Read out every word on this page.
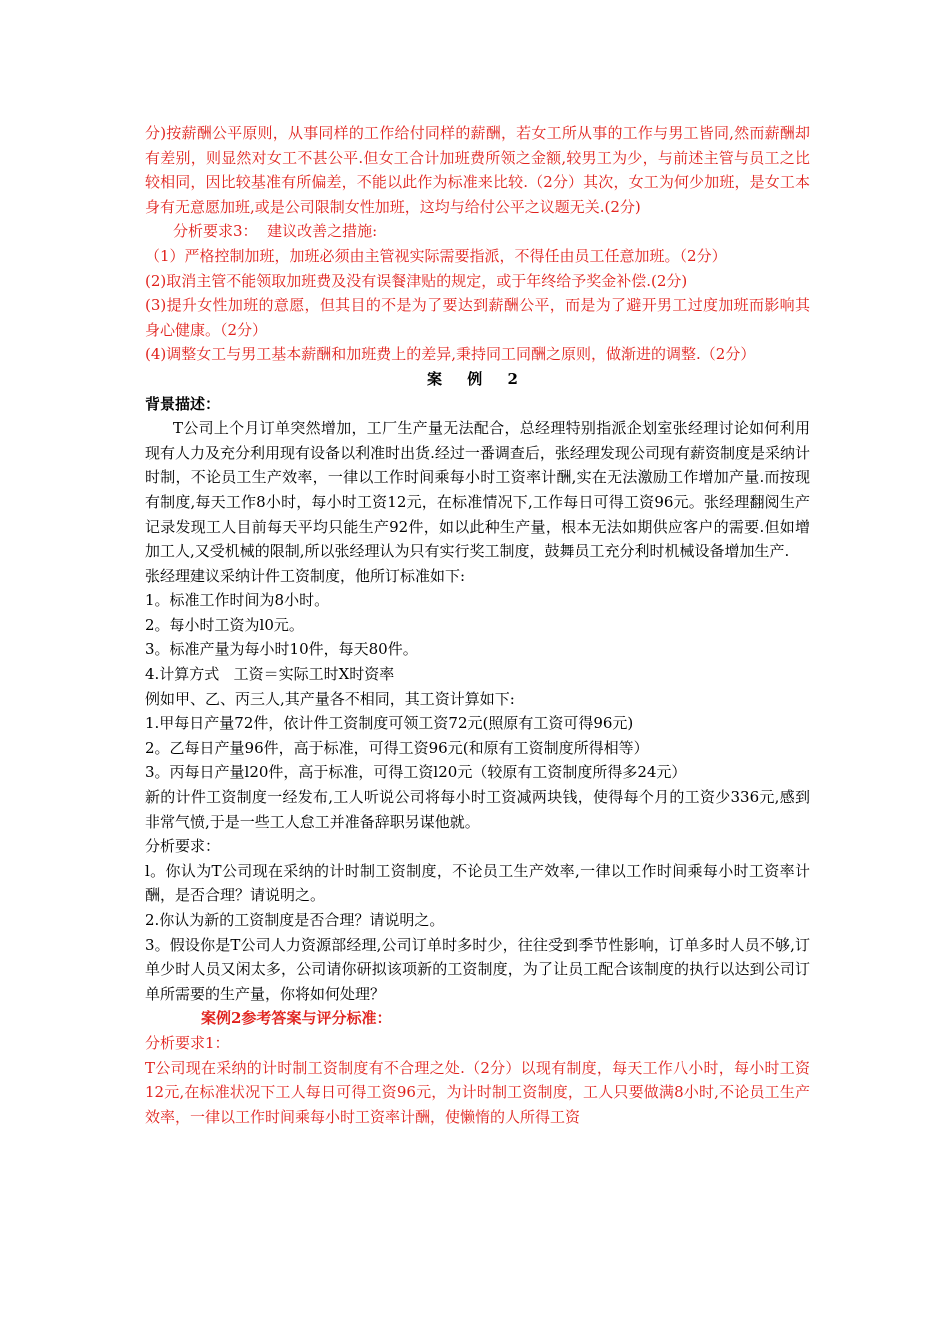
分)按薪酬公平原则，从事同样的工作给付同样的薪酬，若女工所从事的工作与男工皆同,然而薪酬却有差别，则显然对女工不甚公平.但女工合计加班费所领之金额,较男工为少，与前述主管与员工之比较相同，因比较基准有所偏差，不能以此作为标准来比较.（2分）其次，女工为何少加班，是女工本身有无意愿加班,或是公司限制女性加班，这均与给付公平之议题无关.(2分)

分析要求3：  建议改善之措施:

（1）严格控制加班，加班必须由主管视实际需要指派，不得任由员工任意加班。（2分）

(2)取消主管不能领取加班费及没有误餐津贴的规定，或于年终给予奖金补偿.(2分)

(3)提升女性加班的意愿，但其目的不是为了要达到薪酬公平，而是为了避开男工过度加班而影响其身心健康。（2分）

(4)调整女工与男工基本薪酬和加班费上的差异,秉持同工同酬之原则，做渐进的调整.（2分）

案 例 2

背景描述：

T公司上个月订单突然增加，工厂生产量无法配合，总经理特别指派企划室张经理讨论如何利用现有人力及充分利用现有设备以利准时出货.经过一番调查后，张经理发现公司现有薪资制度是采纳计时制，不论员工生产效率，一律以工作时间乘每小时工资率计酬,实在无法激励工作增加产量.而按现有制度,每天工作8小时，每小时工资12元，在标准情况下,工作每日可得工资96元。张经理翻阅生产记录发现工人目前每天平均只能生产92件，如以此种生产量，根本无法如期供应客户的需要.但如增加工人,又受机械的限制,所以张经理认为只有实行奖工制度，鼓舞员工充分利时机械设备增加生产.

张经理建议采纳计件工资制度，他所订标准如下:

1。标准工作时间为8小时。

2。每小时工资为l0元。

3。标准产量为每小时10件，每天80件。

4.计算方式   工资＝实际工时X时资率

例如甲、乙、丙三人,其产量各不相同，其工资计算如下:

1.甲每日产量72件，依计件工资制度可领工资72元(照原有工资可得96元)

2。乙每日产量96件，高于标准，可得工资96元(和原有工资制度所得相等）

3。丙每日产量l20件，高于标准，可得工资l20元（较原有工资制度所得多24元）

新的计件工资制度一经发布,工人听说公司将每小时工资减两块钱，使得每个月的工资少336元,感到非常气愤,于是一些工人怠工并准备辞职另谋他就。

分析要求：

l。你认为T公司现在采纳的计时制工资制度，不论员工生产效率,一律以工作时间乘每小时工资率计酬，是否合理？请说明之。

2.你认为新的工资制度是否合理？请说明之。

3。假设你是T公司人力资源部经理,公司订单时多时少，往往受到季节性影响，订单多时人员不够,订单少时人员又闲太多，公司请你研拟该项新的工资制度，为了让员工配合该制度的执行以达到公司订单所需要的生产量，你将如何处理？

案例2参考答案与评分标准：

分析要求1：

T公司现在采纳的计时制工资制度有不合理之处.（2分）以现有制度，每天工作八小时，每小时工资12元,在标准状况下工人每日可得工资96元，为计时制工资制度，工人只要做满8小时,不论员工生产效率，一律以工作时间乘每小时工资率计酬，使懒惰的人所得工资
